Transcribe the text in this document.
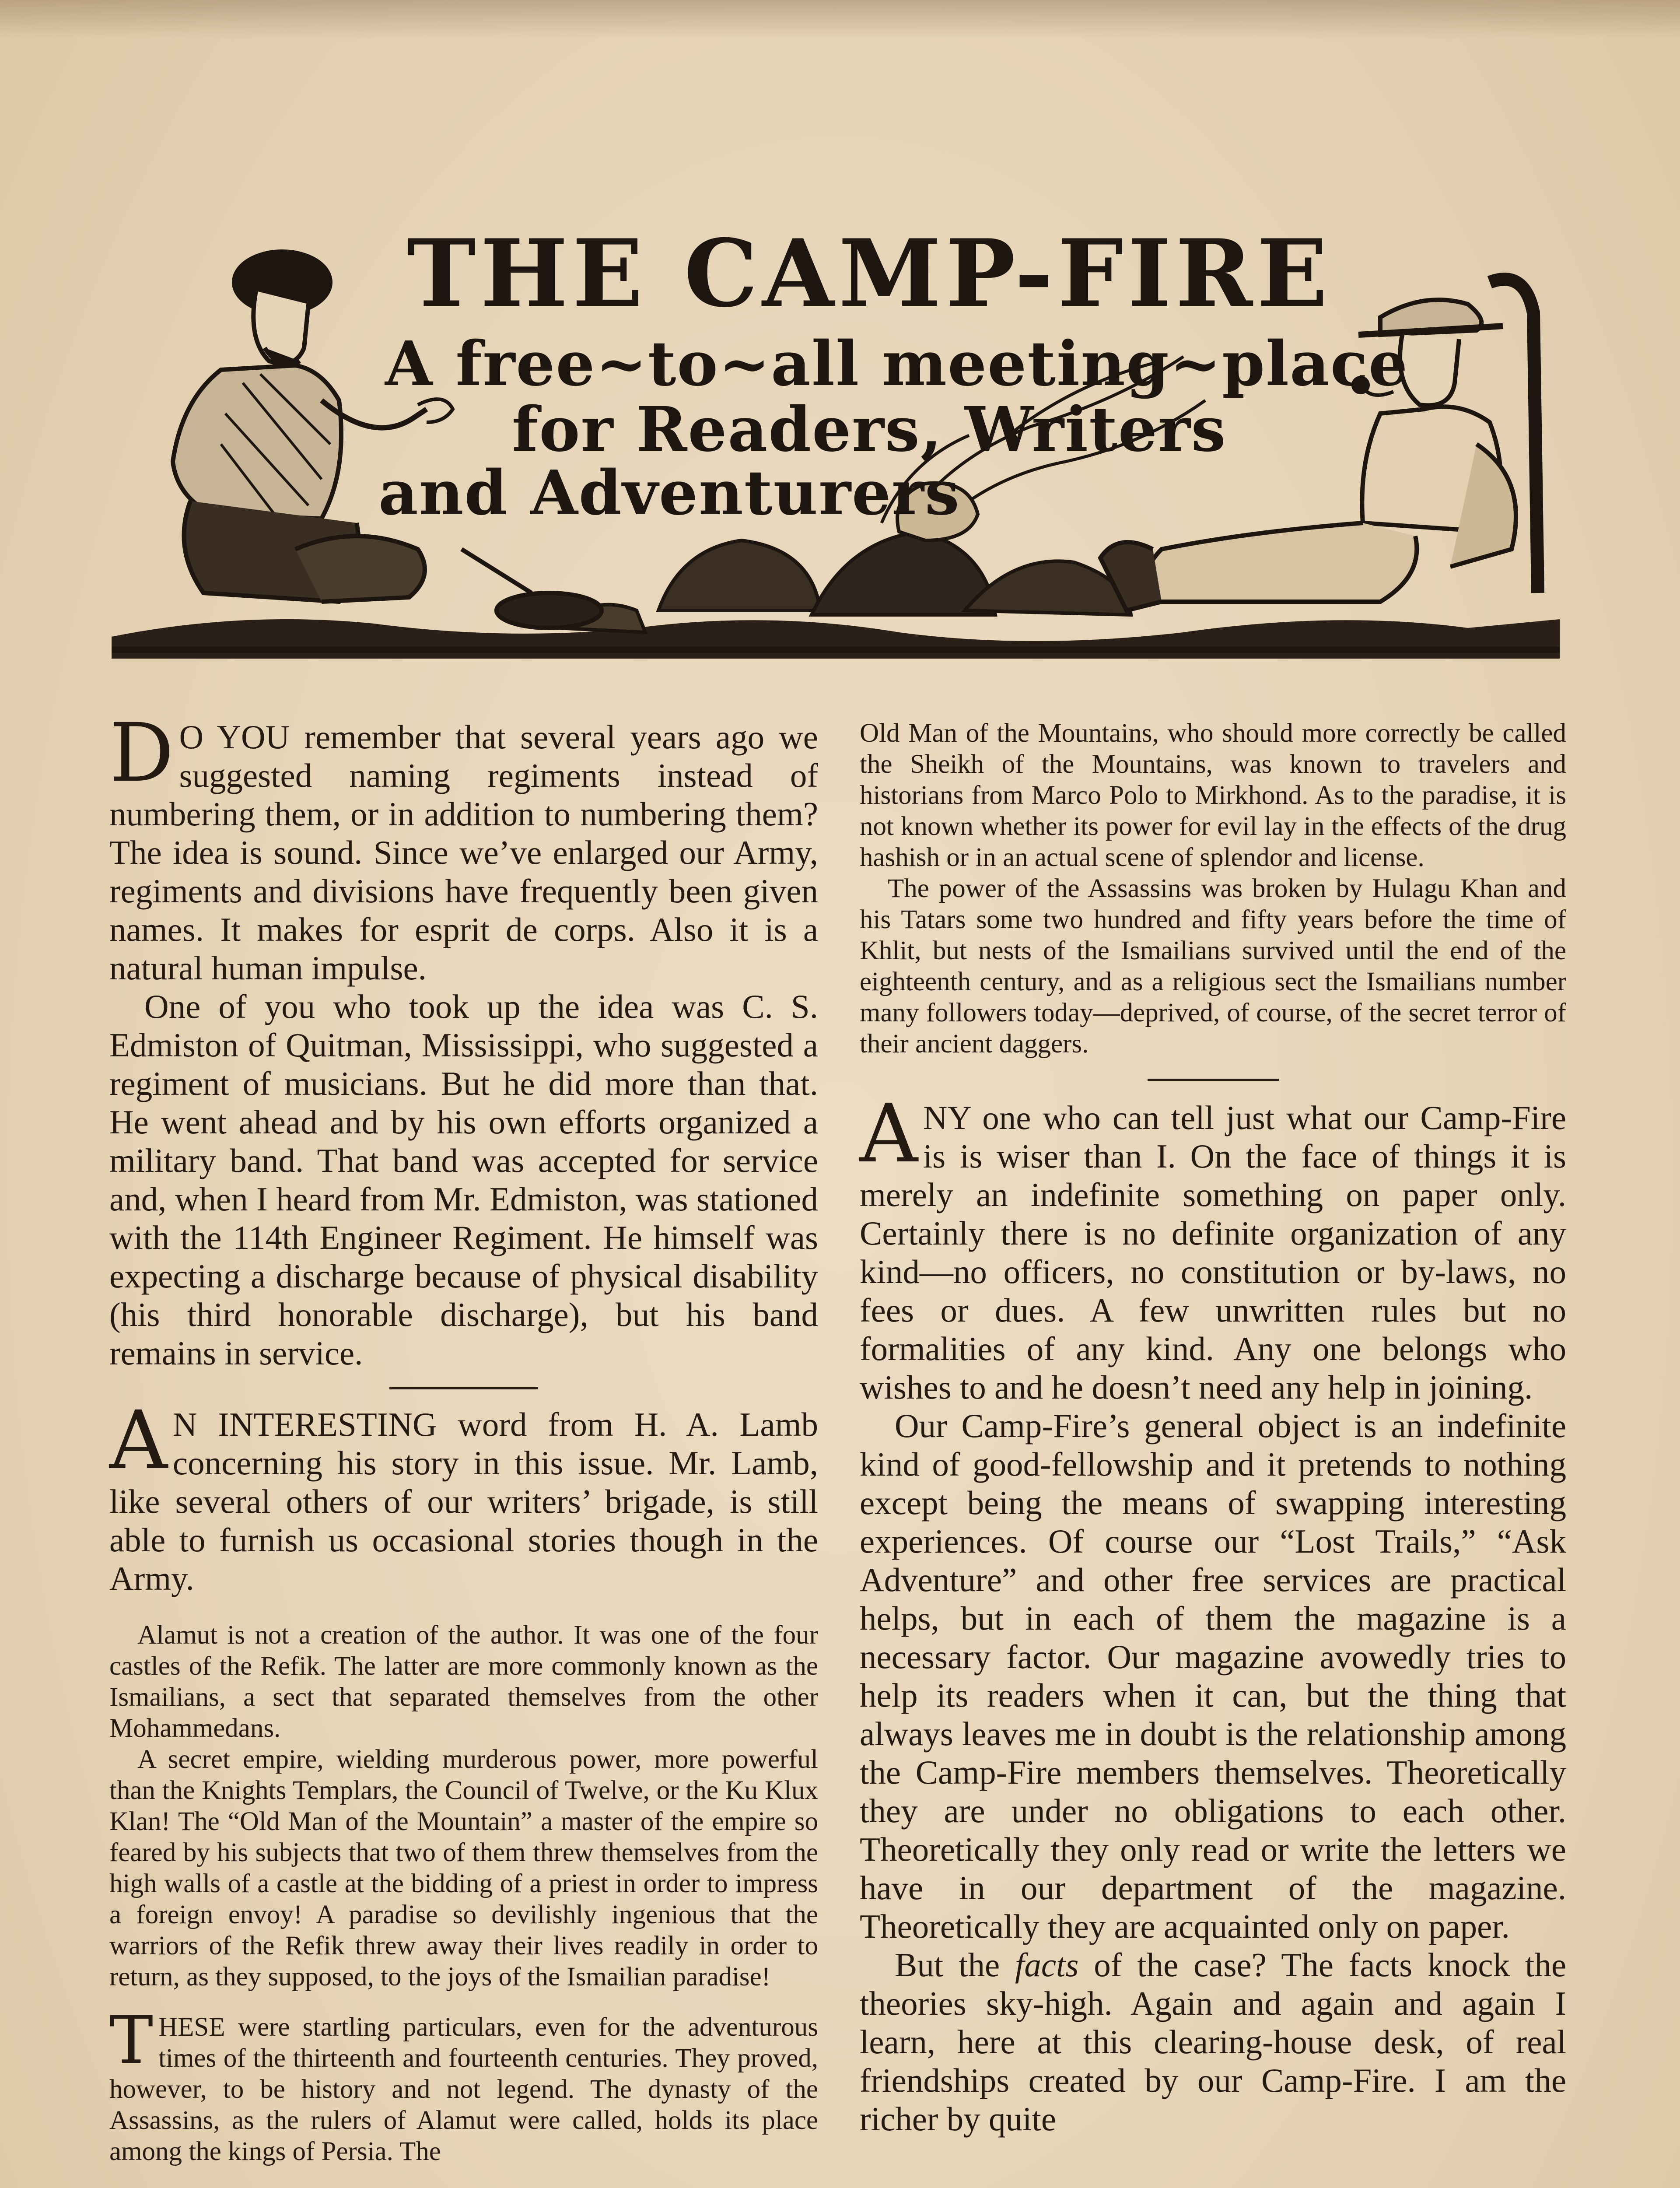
THE CAMP-FIRE
A free~to~all meeting~place
for Readers, Writers
and Adventurers

D O YOU remember that several years ago we suggested naming regiments instead of numbering them, or in addition to numbering them? The idea is sound. Since we’ve enlarged our Army, regiments and divisions have frequently been given names. It makes for esprit de corps. Also it is a natural human impulse.

One of you who took up the idea was C. S. Edmiston of Quitman, Mississippi, who suggested a regiment of musicians. But he did more than that. He went ahead and by his own efforts organized a military band. That band was accepted for service and, when I heard from Mr. Edmiston, was stationed with the 114th Engineer Regiment. He himself was expecting a discharge because of physical disability (his third honorable discharge), but his band remains in service.

A N INTERESTING word from H. A. Lamb concerning his story in this issue. Mr. Lamb, like several others of our writers’ brigade, is still able to furnish us occasional stories though in the Army.

Alamut is not a creation of the author. It was one of the four castles of the Refik. The latter are more commonly known as the Ismailians, a sect that separated themselves from the other Mohammedans.

A secret empire, wielding murderous power, more powerful than the Knights Templars, the Council of Twelve, or the Ku Klux Klan! The “Old Man of the Mountain” a master of the empire so feared by his subjects that two of them threw themselves from the high walls of a castle at the bidding of a priest in order to impress a foreign envoy! A paradise so devilishly ingenious that the warriors of the Refik threw away their lives readily in order to return, as they supposed, to the joys of the Ismailian paradise!

THESE were startling particulars, even for the adventurous times of the thirteenth and fourteenth centuries. They proved, however, to be history and not legend. The dynasty of the Assassins, as the rulers of Alamut were called, holds its place among the kings of Persia. The

Old Man of the Mountains, who should more correctly be called the Sheikh of the Mountains, was known to travelers and historians from Marco Polo to Mirkhond. As to the paradise, it is not known whether its power for evil lay in the effects of the drug hashish or in an actual scene of splendor and license.

The power of the Assassins was broken by Hulagu Khan and his Tatars some two hundred and fifty years before the time of Khlit, but nests of the Ismailians survived until the end of the eighteenth century, and as a religious sect the Ismailians number many followers today—deprived, of course, of the secret terror of their ancient daggers.

ANY one who can tell just what our Camp-Fire is is wiser than I. On the face of things it is merely an indefinite something on paper only. Certainly there is no definite organization of any kind—no officers, no constitution or by-laws, no fees or dues. A few unwritten rules but no formalities of any kind. Any one belongs who wishes to and he doesn’t need any help in joining.

Our Camp-Fire’s general object is an indefinite kind of good-fellowship and it pretends to nothing except being the means of swapping interesting experiences. Of course our “Lost Trails,” “Ask Adventure” and other free services are practical helps, but in each of them the magazine is a necessary factor. Our magazine avowedly tries to help its readers when it can, but the thing that always leaves me in doubt is the relationship among the Camp-Fire members themselves. Theoretically they are under no obligations to each other. Theoretically they only read or write the letters we have in our department of the magazine. Theoretically they are acquainted only on paper.

But the facts of the case? The facts knock the theories sky-high. Again and again and again I learn, here at this clearing-house desk, of real friendships created by our Camp-Fire. I am the richer by quite
